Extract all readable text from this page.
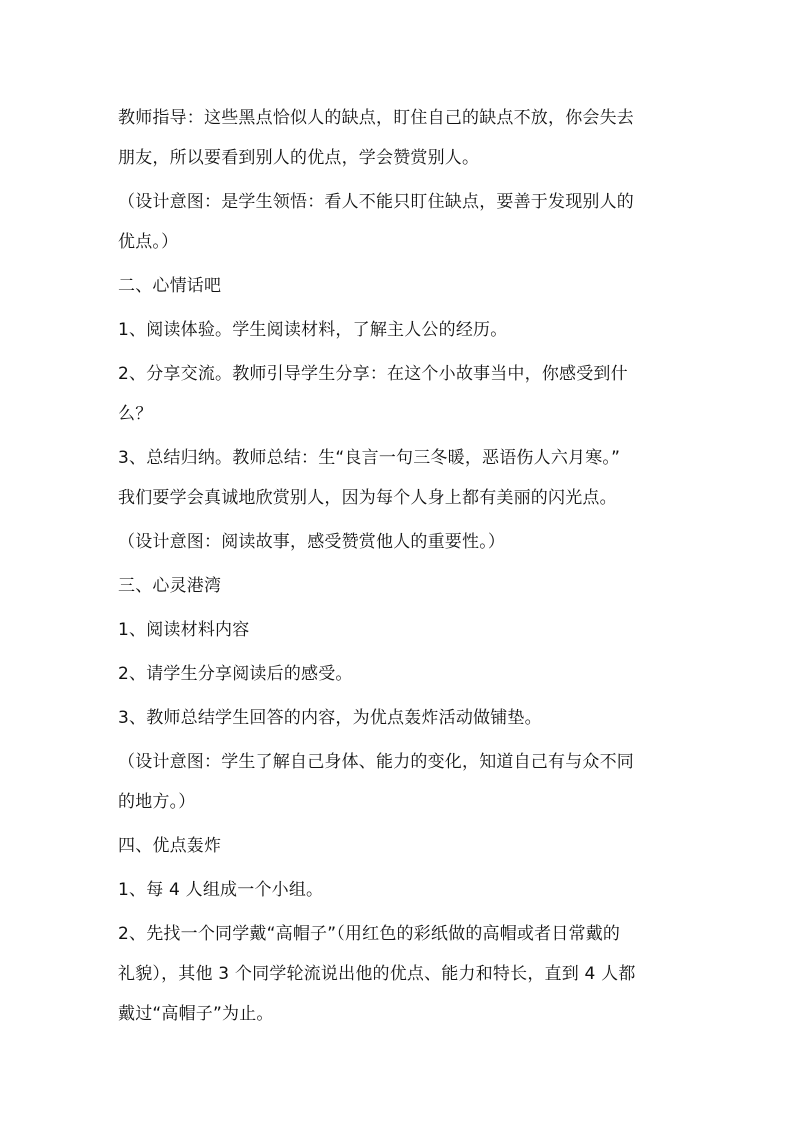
教师指导：这些黑点恰似人的缺点，盯住自己的缺点不放，你会失去
朋友，所以要看到别人的优点，学会赞赏别人。

（设计意图：是学生领悟：看人不能只盯住缺点，要善于发现别人的
优点。）

二、心情话吧

1、阅读体验。学生阅读材料，了解主人公的经历。

2、分享交流。教师引导学生分享：在这个小故事当中，你感受到什
么？

3、总结归纳。教师总结：生“良言一句三冬暖，恶语伤人六月寒。”
我们要学会真诚地欣赏别人，因为每个人身上都有美丽的闪光点。

（设计意图：阅读故事，感受赞赏他人的重要性。）

三、心灵港湾

1、阅读材料内容

2、请学生分享阅读后的感受。

3、教师总结学生回答的内容，为优点轰炸活动做铺垫。

（设计意图：学生了解自己身体、能力的变化，知道自己有与众不同
的地方。）

四、优点轰炸

1、每 4 人组成一个小组。

2、先找一个同学戴“高帽子”（用红色的彩纸做的高帽或者日常戴的
礼貌），其他 3 个同学轮流说出他的优点、能力和特长，直到 4 人都
戴过“高帽子”为止。
